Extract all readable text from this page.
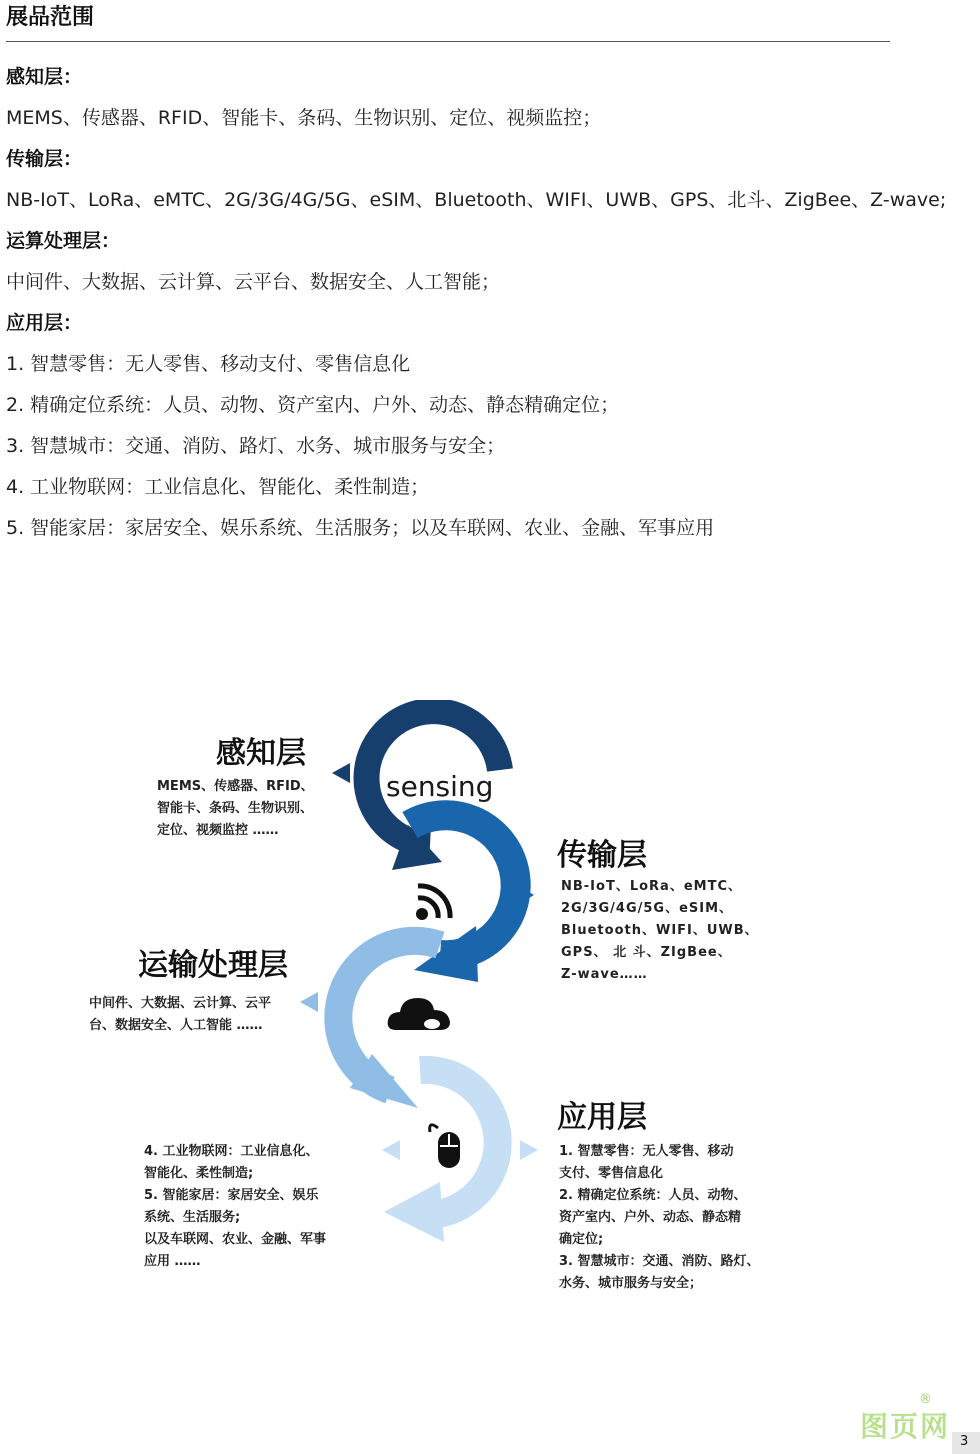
展品范围
感知层：
MEMS、传感器、RFID、智能卡、条码、生物识别、定位、视频监控；
传输层：
NB-IoT、LoRa、eMTC、2G/3G/4G/5G、eSIM、Bluetooth、WIFI、UWB、GPS、北斗、ZigBee、Z-wave;
运算处理层：
中间件、大数据、云计算、云平台、数据安全、人工智能；
应用层：
1. 智慧零售：无人零售、移动支付、零售信息化
2. 精确定位系统：人员、动物、资产室内、户外、动态、静态精确定位；
3. 智慧城市：交通、消防、路灯、水务、城市服务与安全；
4. 工业物联网：工业信息化、智能化、柔性制造；
5. 智能家居：家居安全、娱乐系统、生活服务；以及车联网、农业、金融、军事应用
sensing
感知层
MEMS、传感器、RFID、
智能卡、条码、生物识别、
定位、视频监控 ……
传输层
NB-IoT、LoRa、eMTC、
2G/3G/4G/5G、eSIM、
Bluetooth、WIFI、UWB、
GPS、 北 斗、ZIgBee、
Z-wave……
运输处理层
中间件、大数据、云计算、云平
台、数据安全、人工智能 ……
应用层
1. 智慧零售：无人零售、移动
支付、零售信息化
2. 精确定位系统：人员、动物、
资产室内、户外、动态、静态精
确定位;
3. 智慧城市：交通、消防、路灯、
水务、城市服务与安全；
4. 工业物联网：工业信息化、
智能化、柔性制造;
5. 智能家居：家居安全、娱乐
系统、生活服务;
以及车联网、农业、金融、军事
应用 ……
®
图页网 3
